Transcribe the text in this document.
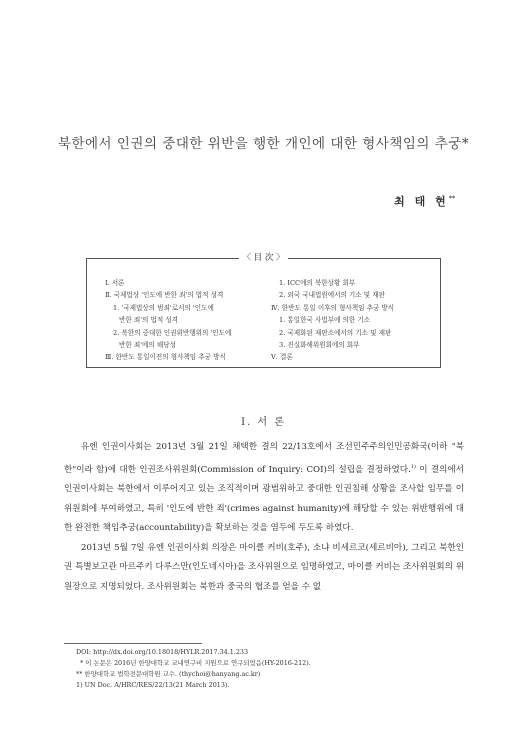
북한에서 인권의 중대한 위반을 행한 개인에 대한 형사책임의 추궁*
최 태 현**
〈 目 次 〉
Ⅰ. 서론
Ⅱ. 국제법상 '인도에 반한 죄'의 법적 성격
1. '국제법상의 범죄'로서의 '인도에
반한 죄'의 법적 성격
2. 북한의 중대한 인권위반행위의 '인도에
반한 죄'에의 해당성
Ⅲ. 한반도 통일이전의 형사책임 추궁 방식
1. ICC에의 북한상황 회부
2. 외국 국내법원에서의 기소 및 재판
Ⅳ. 한반도 통일 이후의 형사책임 추궁 방식
1. 통일한국 사법부에 의한 기소
2. 국제화된 재판소에서의 기소 및 재판
3. 진실화해위원회에의 회부
Ⅴ. 결론
Ⅰ. 서 론

유엔 인권이사회는 2013년 3월 21일 채택한 결의 22/13호에서 조선민주주의인민공화국(이하 "북한"이라 함)에 대한 인권조사위원회(Commission of Inquiry: COI)의 설립을 결정하였다.$^{1)}$ 이 결의에서 인권이사회는 북한에서 이루어지고 있는 조직적이며 광범위하고 중대한 인권침해 상황을 조사할 임무를 이 위원회에 부여하였고, 특히 '인도에 반한 죄'(crimes against humanity)에 해당할 수 있는 위반행위에 대한 완전한 책임추궁(accountability)을 확보하는 것을 염두에 두도록 하였다.

2013년 5월 7일 유엔 인권이사회 의장은 마이클 커비(호주), 소냐 비세르코(세르비아), 그리고 북한인권 특별보고관 마르주키 다루스만(인도네시아)을 조사위원으로 임명하였고, 마이클 커비는 조사위원회의 위원장으로 지명되었다. 조사위원회는 북한과 중국의 협조를 얻을 수 없

DOI: http://dx.doi.org/10.18018/HYLR.2017.34.1.233
* 이 논문은 2016년 한양대학교 교내연구비 지원으로 연구되었음(HY-2016-212).
** 한양대학교 법학전문대학원 교수. (thychoi@hanyang.ac.kr)
1) UN Doc. A/HRC/RES/22/13(21 March 2013).
